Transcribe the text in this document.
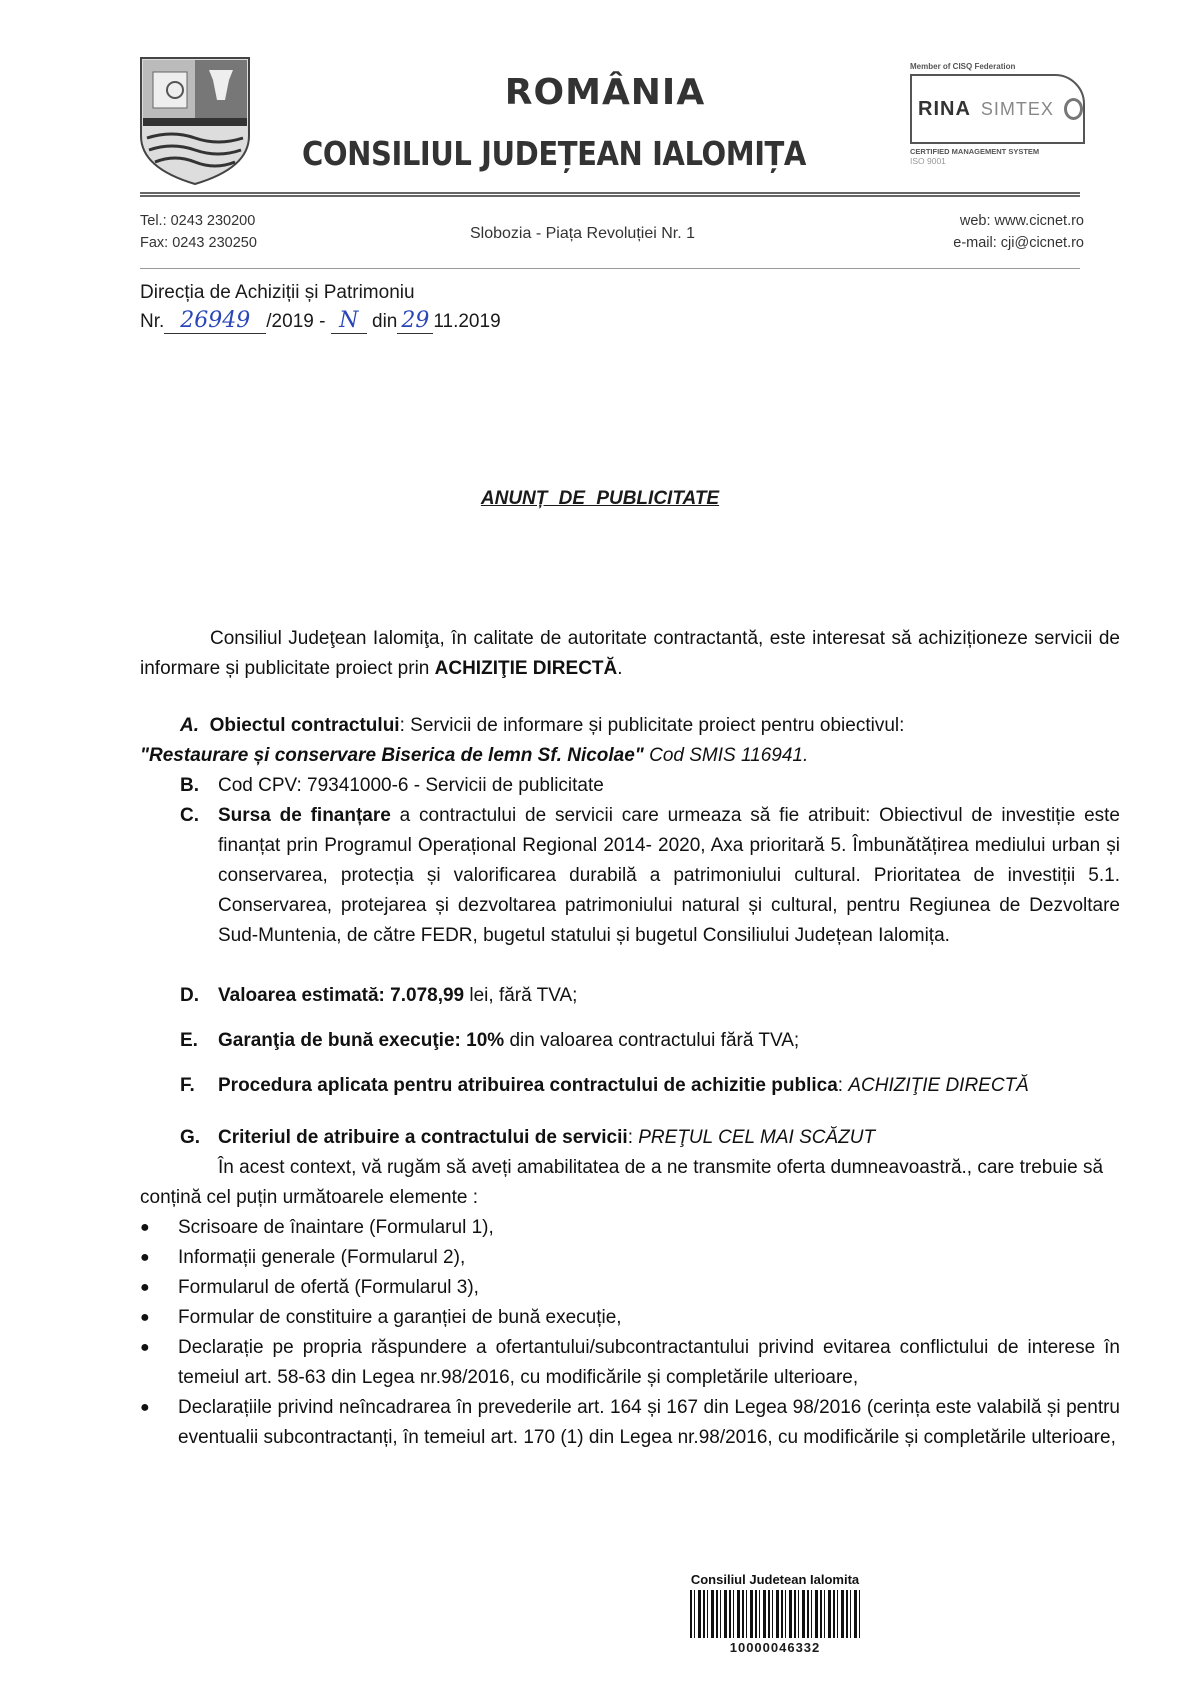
ROMÂNIA
CONSILIUL JUDEȚEAN IALOMIȚA
Member of CISQ Federation
RINA SIMTEX
CERTIFIED MANAGEMENT SYSTEM
ISO 9001
Tel.: 0243 230200
Fax: 0243 230250
Slobozia - Piața Revoluției Nr. 1
web: www.cicnet.ro
e-mail: cji@cicnet.ro
Direcția de Achiziții și Patrimoniu
Nr. 26949 /2019 - N din 29 11.2019
ANUNȚ DE PUBLICITATE
Consiliul Judeţean Ialomiţa, în calitate de autoritate contractantă, este interesat să achiziționeze servicii de informare și publicitate proiect prin ACHIZIŢIE DIRECTĂ.
A. Obiectul contractului: Servicii de informare și publicitate proiect pentru obiectivul:
"Restaurare și conservare Biserica de lemn Sf. Nicolae" Cod SMIS 116941.
B.	Cod CPV: 79341000-6 - Servicii de publicitate
C.	Sursa de finanțare a contractului de servicii care urmeaza să fie atribuit: Obiectivul de investiție este finanțat prin Programul Operațional Regional 2014- 2020, Axa prioritară 5. Îmbunătățirea mediului urban și conservarea, protecția și valorificarea durabilă a patrimoniului cultural. Prioritatea de investiții 5.1. Conservarea, protejarea și dezvoltarea patrimoniului natural și cultural, pentru Regiunea de Dezvoltare Sud-Muntenia, de către FEDR, bugetul statului și bugetul Consiliului Județean Ialomița.
D.	Valoarea estimată: 7.078,99 lei, fără TVA;
E.	Garanţia de bună execuţie: 10% din valoarea contractului fără TVA;
F.	Procedura aplicata pentru atribuirea contractului de achizitie publica: ACHIZIŢIE DIRECTĂ
G. Criteriul de atribuire a contractului de servicii: PREŢUL CEL MAI SCĂZUT
În acest context, vă rugăm să aveți amabilitatea de a ne transmite oferta dumneavoastră., care trebuie să conțină cel puțin următoarele elemente :
●	Scrisoare de înaintare (Formularul 1),
●	Informații generale (Formularul 2),
●	Formularul de ofertă (Formularul 3),
●	Formular de constituire a garanției de bună execuție,
●	Declarație pe propria răspundere a ofertantului/subcontractantului privind evitarea conflictului de interese în temeiul art. 58-63 din Legea nr.98/2016, cu modificările și completările ulterioare,
●	Declarațiile privind neîncadrarea în prevederile art. 164 și 167 din Legea 98/2016 (cerința este valabilă și pentru eventualii subcontractanți, în temeiul art. 170 (1) din Legea nr.98/2016, cu modificările și completările ulterioare,
Consiliul Judetean Ialomita
10000046332
